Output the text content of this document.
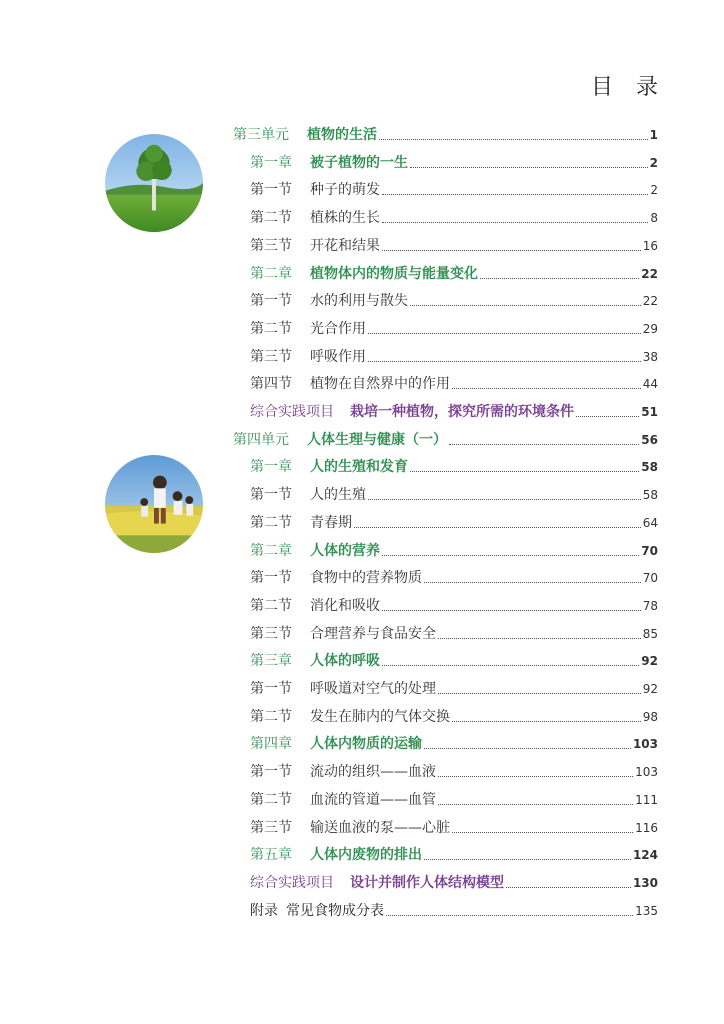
目 录
第三单元 植物的生活	1
第一章 被子植物的一生	2
第一节 种子的萌发	2
第二节 植株的生长	8
第三节 开花和结果	16
第二章 植物体内的物质与能量变化	22
第一节 水的利用与散失	22
第二节 光合作用	29
第三节 呼吸作用	38
第四节 植物在自然界中的作用	44
综合实践项目 栽培一种植物，探究所需的环境条件	51
第四单元 人体生理与健康（一）	56
第一章 人的生殖和发育	58
第一节 人的生殖	58
第二节 青春期	64
第二章 人体的营养	70
第一节 食物中的营养物质	70
第二节 消化和吸收	78
第三节 合理营养与食品安全	85
第三章 人体的呼吸	92
第一节 呼吸道对空气的处理	92
第二节 发生在肺内的气体交换	98
第四章 人体内物质的运输	103
第一节 流动的组织——血液	103
第二节 血流的管道——血管	111
第三节 输送血液的泵——心脏	116
第五章 人体内废物的排出	124
综合实践项目 设计并制作人体结构模型	130
附录 常见食物成分表	135
